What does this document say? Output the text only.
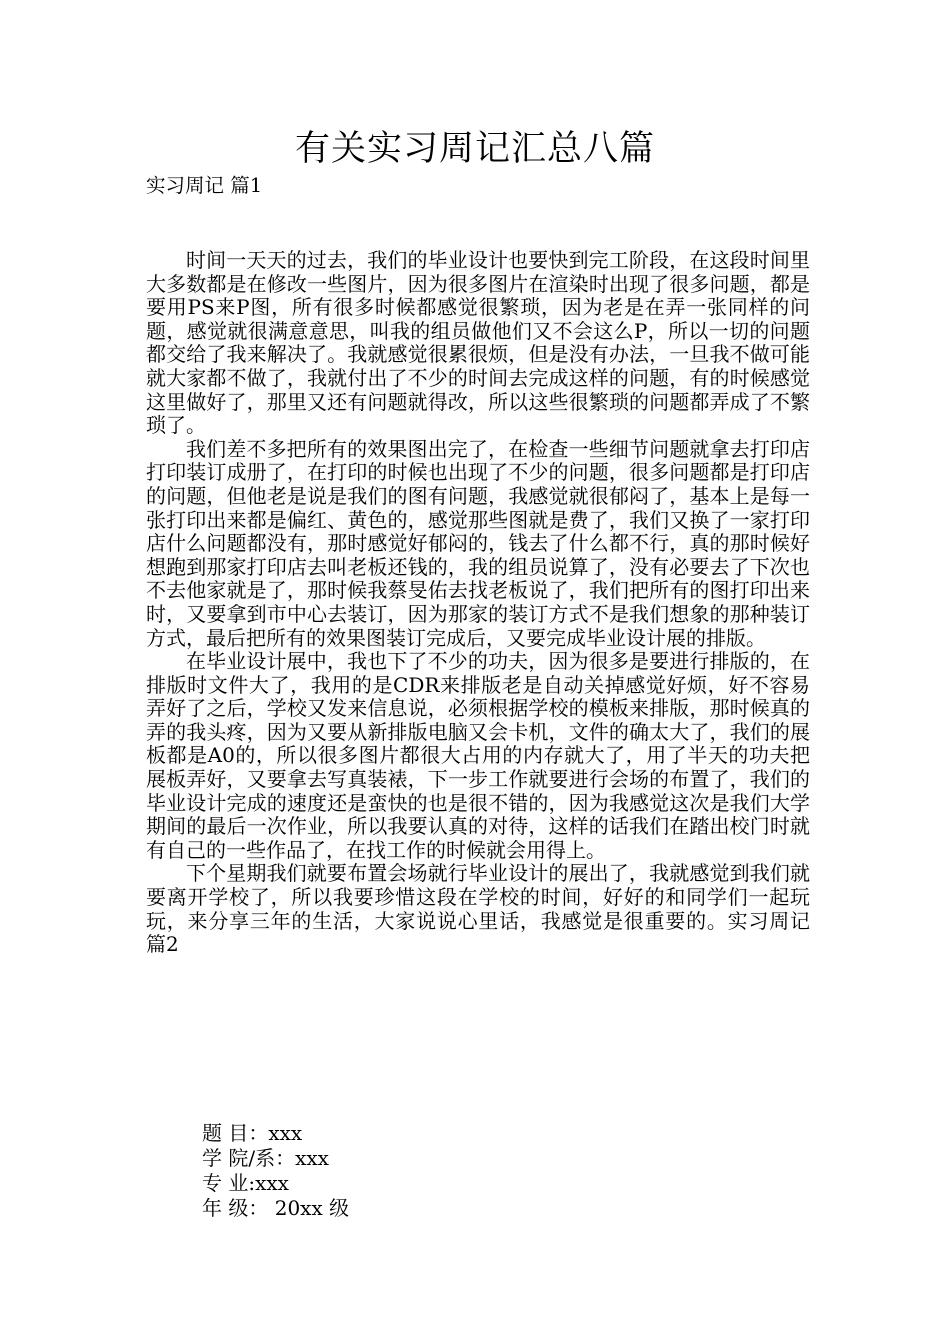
有关实习周记汇总八篇
实习周记 篇1

时间一天天的过去，我们的毕业设计也要快到完工阶段，在这段时间里大多数都是在修改一些图片，因为很多图片在渲染时出现了很多问题，都是要用PS来P图，所有很多时候都感觉很繁琐，因为老是在弄一张同样的问题，感觉就很满意意思，叫我的组员做他们又不会这么P，所以一切的问题都交给了我来解决了。我就感觉很累很烦，但是没有办法，一旦我不做可能就大家都不做了，我就付出了不少的时间去完成这样的问题，有的时候感觉这里做好了，那里又还有问题就得改，所以这些很繁琐的问题都弄成了不繁琐了。

我们差不多把所有的效果图出完了，在检查一些细节问题就拿去打印店打印装订成册了，在打印的时候也出现了不少的问题，很多问题都是打印店的问题，但他老是说是我们的图有问题，我感觉就很郁闷了，基本上是每一张打印出来都是偏红、黄色的，感觉那些图就是费了，我们又换了一家打印店什么问题都没有，那时感觉好郁闷的，钱去了什么都不行，真的那时候好想跑到那家打印店去叫老板还钱的，我的组员说算了，没有必要去了下次也不去他家就是了，那时候我蔡旻佑去找老板说了，我们把所有的图打印出来时，又要拿到市中心去装订，因为那家的装订方式不是我们想象的那种装订方式，最后把所有的效果图装订完成后，又要完成毕业设计展的排版。

在毕业设计展中，我也下了不少的功夫，因为很多是要进行排版的，在排版时文件大了，我用的是CDR来排版老是自动关掉感觉好烦，好不容易弄好了之后，学校又发来信息说，必须根据学校的模板来排版，那时候真的弄的我头疼，因为又要从新排版电脑又会卡机，文件的确太大了，我们的展板都是A0的，所以很多图片都很大占用的内存就大了，用了半天的功夫把展板弄好，又要拿去写真装裱，下一步工作就要进行会场的布置了，我们的毕业设计完成的速度还是蛮快的也是很不错的，因为我感觉这次是我们大学期间的最后一次作业，所以我要认真的对待，这样的话我们在踏出校门时就有自己的一些作品了，在找工作的时候就会用得上。

下个星期我们就要布置会场就行毕业设计的展出了，我就感觉到我们就要离开学校了，所以我要珍惜这段在学校的时间，好好的和同学们一起玩玩，来分享三年的生活，大家说说心里话，我感觉是很重要的。实习周记 篇2

题 目：xxx
学 院/系：xxx
专 业:xxx
年 级： 20xx 级
